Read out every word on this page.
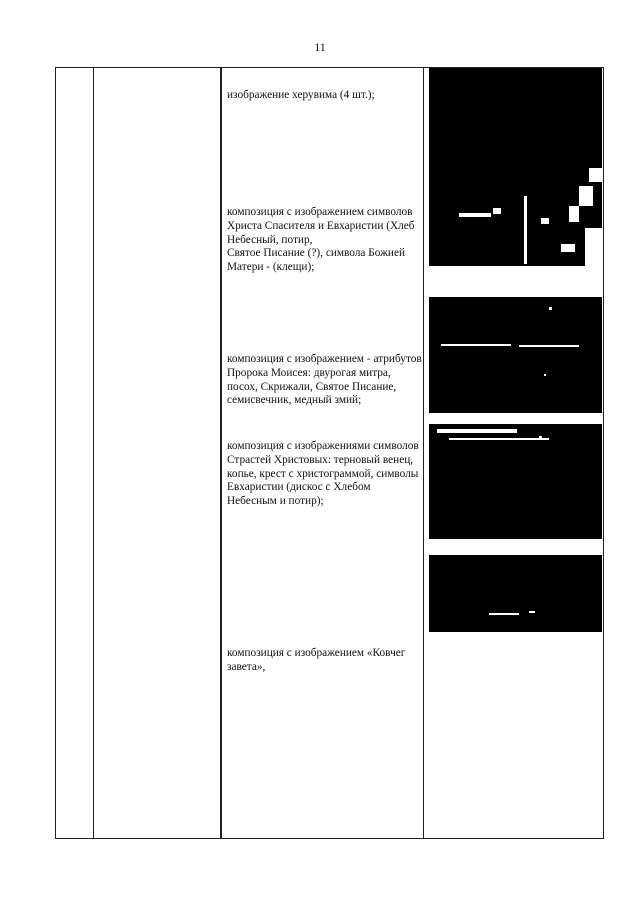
11
изображение херувима (4 шт.);
композиция с изображением символов Христа Спасителя и Евхаристии (Хлеб Небесный, потир,
Святое Писание (?), символа Божией Матери - (клещи);
композиция с изображением - атрибутов Пророка Моисея: двурогая митра, посох, Скрижали, Святое Писание, семисвечник, медный змий;
композиция с изображениями символов Страстей Христовых: терновый венец, копье, крест с христограммой, символы Евхаристии (дискос с Хлебом Небесным и потир);
композиция с изображением «Ковчег завета»,
